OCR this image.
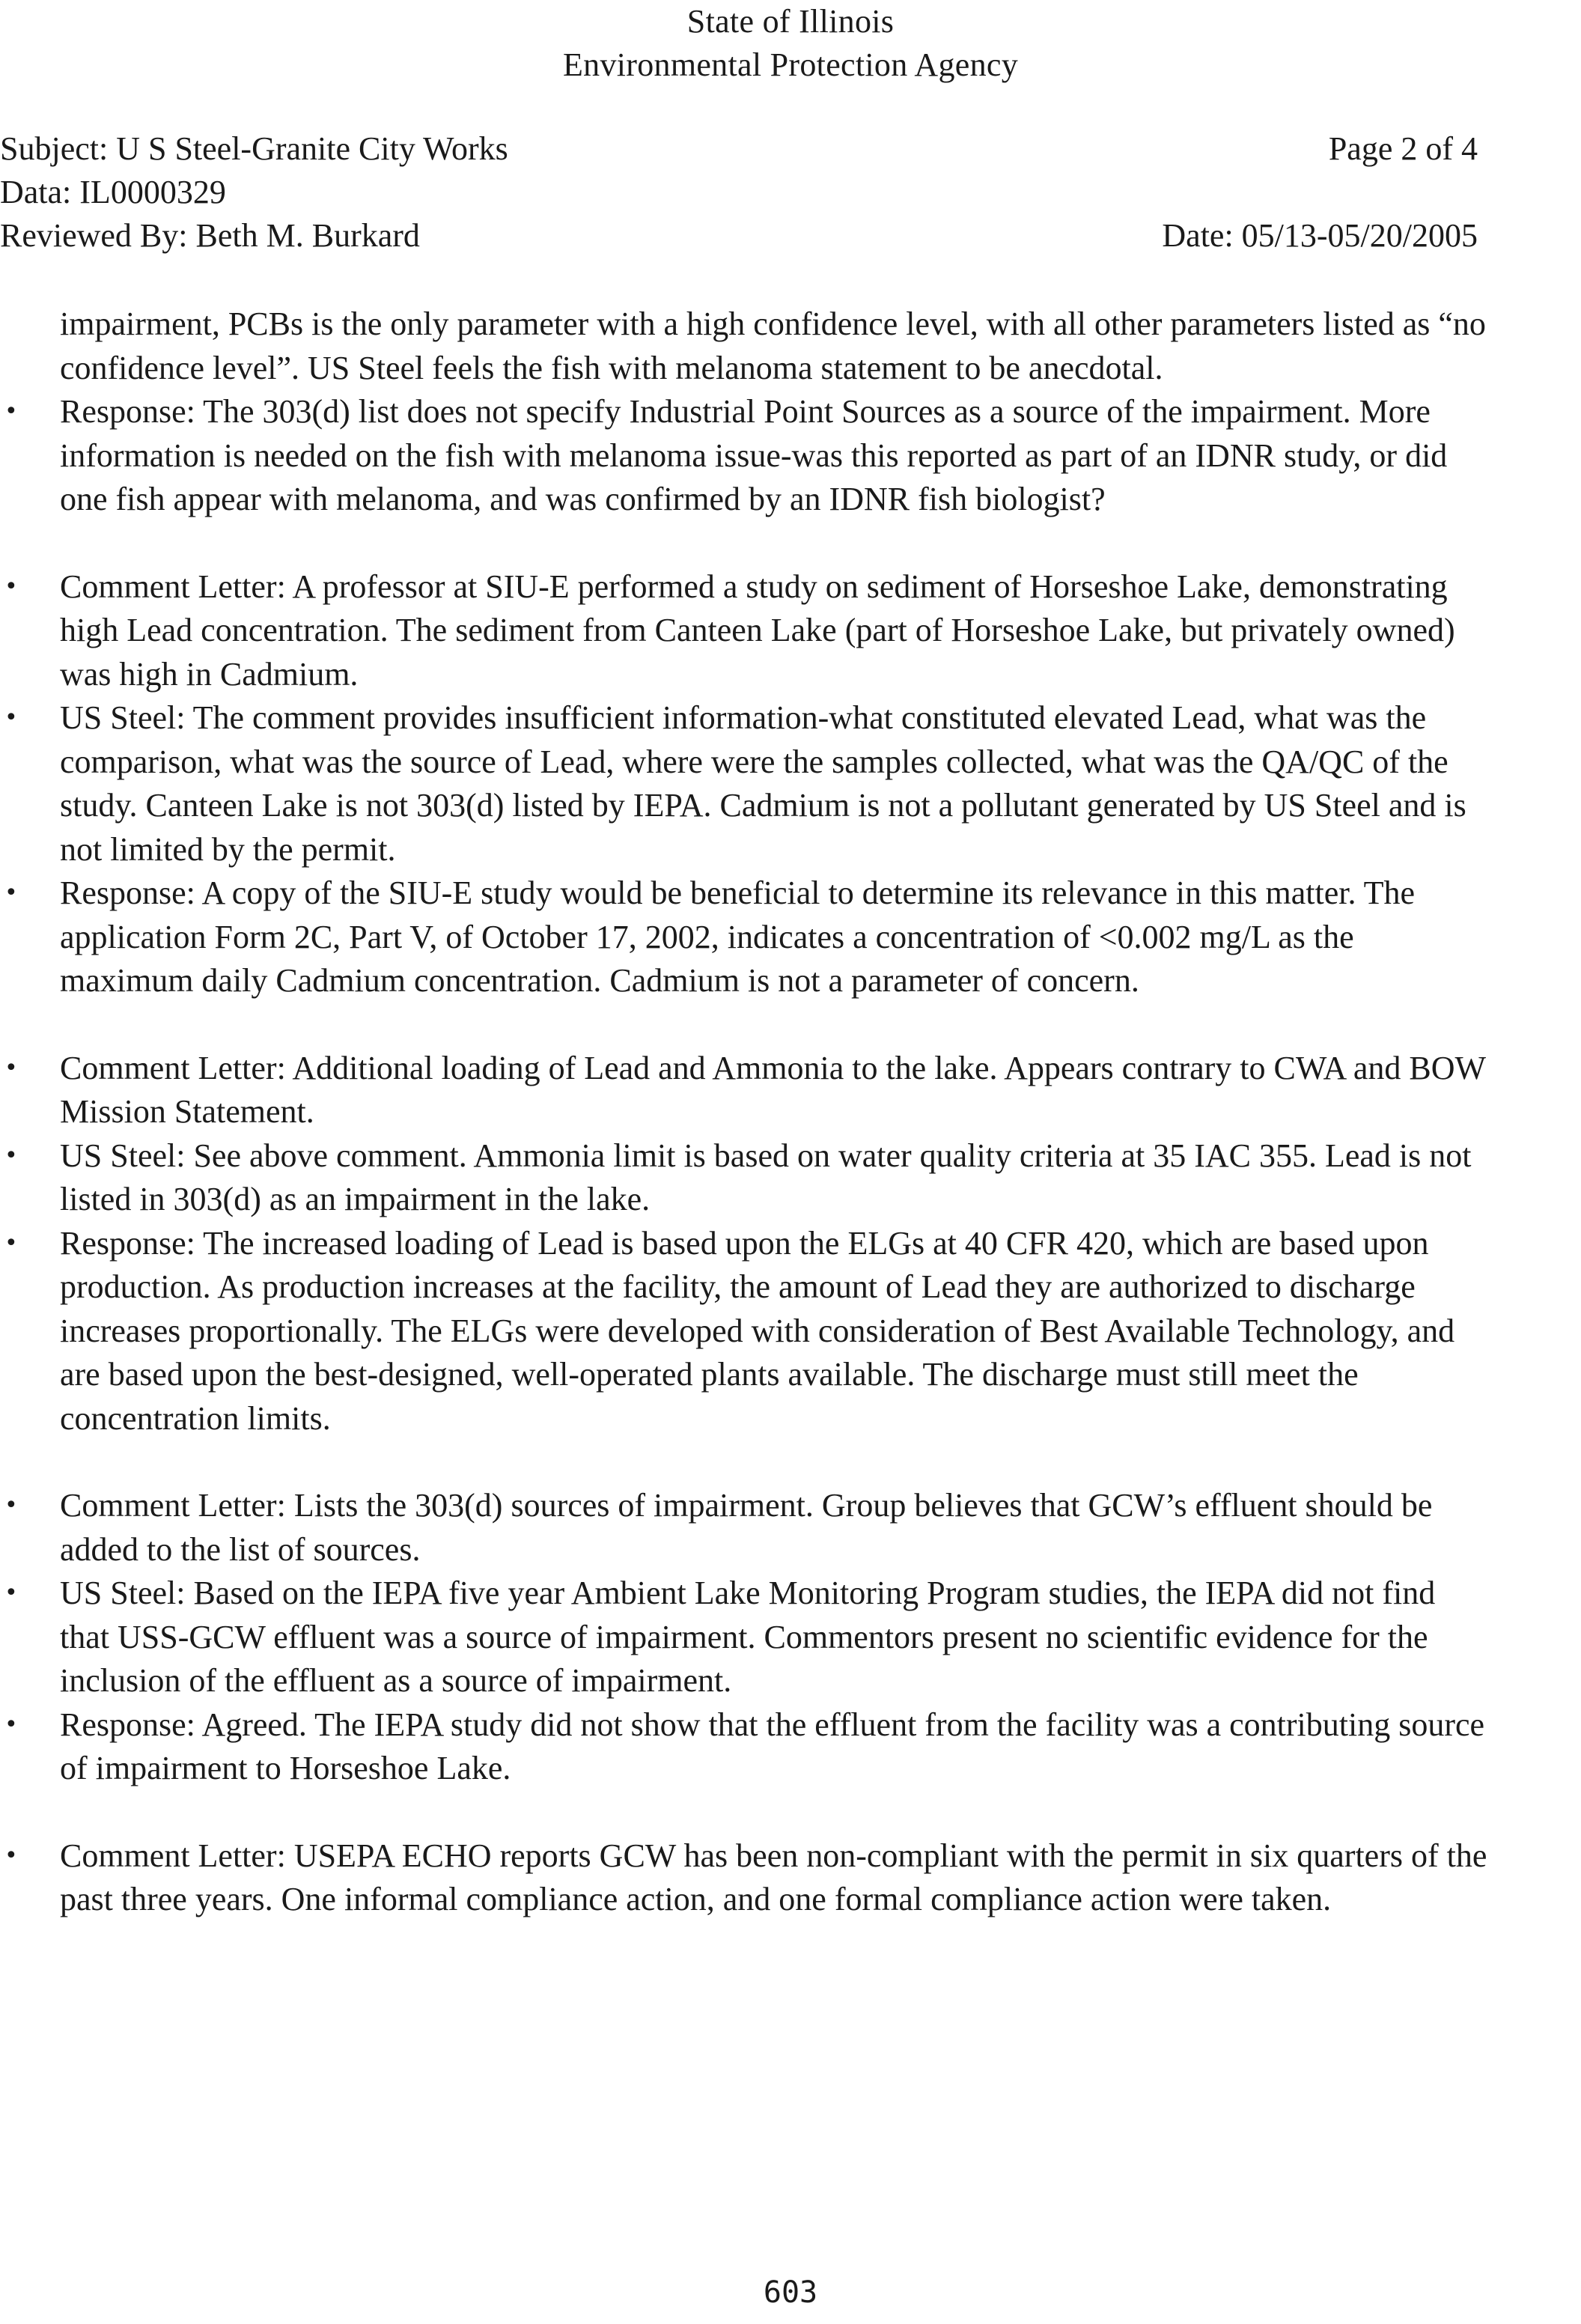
State of Illinois
Environmental Protection Agency
Subject: U S Steel-Granite City Works	Page 2 of 4
Data: IL0000329
Reviewed By: Beth M. Burkard	Date: 05/13-05/20/2005

impairment, PCBs is the only parameter with a high confidence level, with all other parameters listed as “no confidence level”. US Steel feels the fish with melanoma statement to be anecdotal.

•	Response: The 303(d) list does not specify Industrial Point Sources as a source of the impairment. More information is needed on the fish with melanoma issue-was this reported as part of an IDNR study, or did one fish appear with melanoma, and was confirmed by an IDNR fish biologist?
•	Comment Letter: A professor at SIU-E performed a study on sediment of Horseshoe Lake, demonstrating high Lead concentration. The sediment from Canteen Lake (part of Horseshoe Lake, but privately owned) was high in Cadmium.
•	US Steel: The comment provides insufficient information-what constituted elevated Lead, what was the comparison, what was the source of Lead, where were the samples collected, what was the QA/QC of the study. Canteen Lake is not 303(d) listed by IEPA. Cadmium is not a pollutant generated by US Steel and is not limited by the permit.
•	Response: A copy of the SIU-E study would be beneficial to determine its relevance in this matter. The application Form 2C, Part V, of October 17, 2002, indicates a concentration of <0.002 mg/L as the maximum daily Cadmium concentration. Cadmium is not a parameter of concern.
•	Comment Letter: Additional loading of Lead and Ammonia to the lake. Appears contrary to CWA and BOW Mission Statement.
•	US Steel: See above comment. Ammonia limit is based on water quality criteria at 35 IAC 355. Lead is not listed in 303(d) as an impairment in the lake.
•	Response: The increased loading of Lead is based upon the ELGs at 40 CFR 420, which are based upon production. As production increases at the facility, the amount of Lead they are authorized to discharge increases proportionally. The ELGs were developed with consideration of Best Available Technology, and are based upon the best-designed, well-operated plants available. The discharge must still meet the concentration limits.
•	Comment Letter: Lists the 303(d) sources of impairment. Group believes that GCW’s effluent should be added to the list of sources.
•	US Steel: Based on the IEPA five year Ambient Lake Monitoring Program studies, the IEPA did not find that USS-GCW effluent was a source of impairment. Commentors present no scientific evidence for the inclusion of the effluent as a source of impairment.
•	Response: Agreed. The IEPA study did not show that the effluent from the facility was a contributing source of impairment to Horseshoe Lake.
•	Comment Letter: USEPA ECHO reports GCW has been non-compliant with the permit in six quarters of the past three years. One informal compliance action, and one formal compliance action were taken.
603
